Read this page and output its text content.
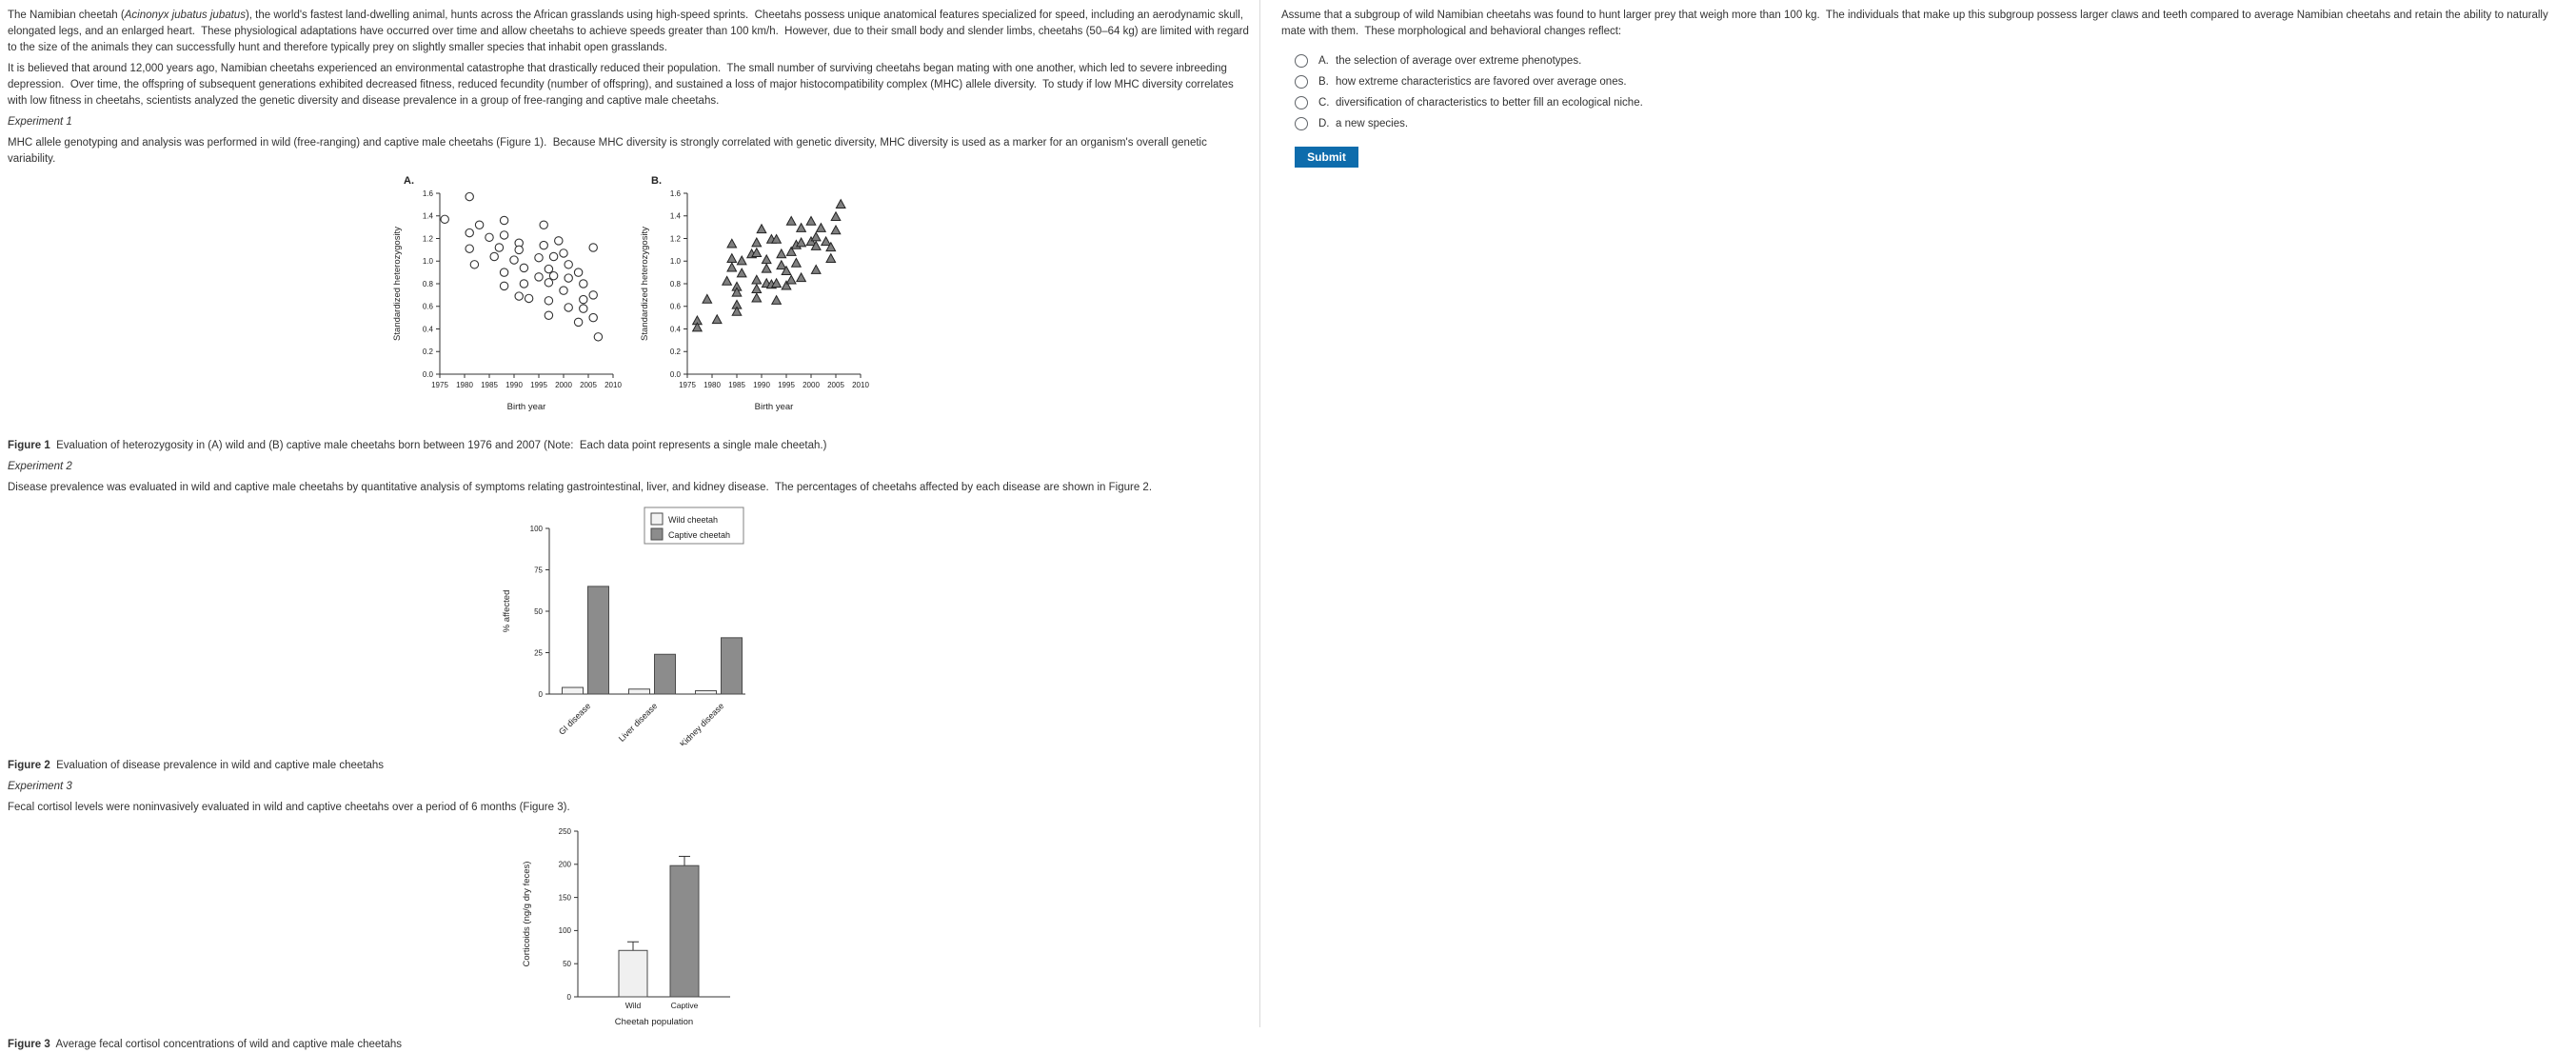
The Namibian cheetah (Acinonyx jubatus jubatus), the world's fastest land-dwelling animal, hunts across the African grasslands using high-speed sprints.  Cheetahs possess unique anatomical features specialized for speed, including an aerodynamic skull, elongated legs, and an enlarged heart.  These physiological adaptations have occurred over time and allow cheetahs to achieve speeds greater than 100 km/h.  However, due to their small body and slender limbs, cheetahs (50–64 kg) are limited with regard to the size of the animals they can successfully hunt and therefore typically prey on slightly smaller species that inhabit open grasslands.

It is believed that around 12,000 years ago, Namibian cheetahs experienced an environmental catastrophe that drastically reduced their population.  The small number of surviving cheetahs began mating with one another, which led to severe inbreeding depression.  Over time, the offspring of subsequent generations exhibited decreased fitness, reduced fecundity (number of offspring), and sustained a loss of major histocompatibility complex (MHC) allele diversity.  To study if low MHC diversity correlates with low fitness in cheetahs, scientists analyzed the genetic diversity and disease prevalence in a group of free-ranging and captive male cheetahs.

Experiment 1

MHC allele genotyping and analysis was performed in wild (free-ranging) and captive male cheetahs (Figure 1).  Because MHC diversity is strongly correlated with genetic diversity, MHC diversity is used as a marker for an organism's overall genetic variability.

1975 1980 1985 1990 1995 2000 2005 2010
0.0
0.2
0.4
0.6
0.8
1.0
1.2
1.4
1.6
Birth year
Standardized heterozygosity
A.
1975 1980 1985 1990 1995 2000 2005 2010
0.0
0.2
0.4
0.6
0.8
1.0
1.2
1.4
1.6
Birth year
Standardized heterozygosity
B.

Figure 1  Evaluation of heterozygosity in (A) wild and (B) captive male cheetahs born between 1976 and 2007 (Note:  Each data point represents a single male cheetah.)

Experiment 2

Disease prevalence was evaluated in wild and captive male cheetahs by quantitative analysis of symptoms relating gastrointestinal, liver, and kidney disease.  The percentages of cheetahs affected by each disease are shown in Figure 2.

0
25
50
75
100
% affected
GI disease	Liver disease Kidney disease
Wild cheetah
Captive cheetah

Figure 2  Evaluation of disease prevalence in wild and captive male cheetahs

Experiment 3

Fecal cortisol levels were noninvasively evaluated in wild and captive cheetahs over a period of 6 months (Figure 3).

0
50
100
150
200
250
Corticoids (ng/g dry feces)
Wild	Captive
Cheetah population

Figure 3  Average fecal cortisol concentrations of wild and captive male cheetahs

Assume that a subgroup of wild Namibian cheetahs was found to hunt larger prey that weigh more than 100 kg.  The individuals that make up this subgroup possess larger claws and teeth compared to average Namibian cheetahs and retain the ability to naturally mate with them.  These morphological and behavioral changes reflect:
A. the selection of average over extreme phenotypes.
B. how extreme characteristics are favored over average ones.
C. diversification of characteristics to better fill an ecological niche.
D. a new species.
Submit
